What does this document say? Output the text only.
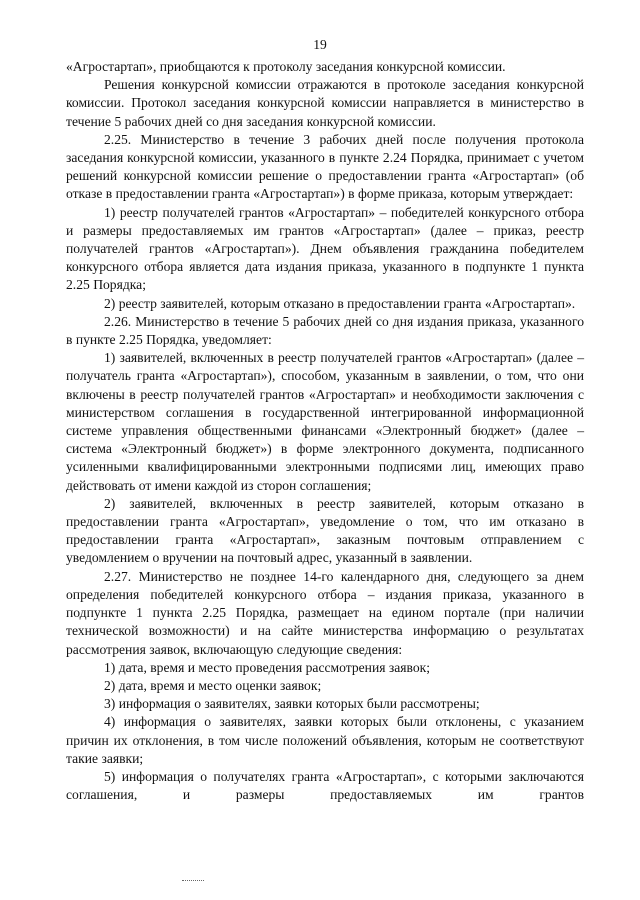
19

«Агростартап», приобщаются к протоколу заседания конкурсной комиссии.

Решения конкурсной комиссии отражаются в протоколе заседания конкурсной комиссии. Протокол заседания конкурсной комиссии направляется в министерство в течение 5 рабочих дней со дня заседания конкурсной комиссии.

2.25. Министерство в течение 3 рабочих дней после получения протокола заседания конкурсной комиссии, указанного в пункте 2.24 Порядка, принимает с учетом решений конкурсной комиссии решение о предоставлении гранта «Агростартап» (об отказе в предоставлении гранта «Агростартап») в форме приказа, которым утверждает:

1) реестр получателей грантов «Агростартап» – победителей конкурсного отбора и размеры предоставляемых им грантов «Агростартап» (далее – приказ, реестр получателей грантов «Агростартап»). Днем объявления гражданина победителем конкурсного отбора является дата издания приказа, указанного в подпункте 1 пункта 2.25 Порядка;

2) реестр заявителей, которым отказано в предоставлении гранта «Агростартап».

2.26. Министерство в течение 5 рабочих дней со дня издания приказа, указанного в пункте 2.25 Порядка, уведомляет:

1) заявителей, включенных в реестр получателей грантов «Агростартап» (далее – получатель гранта «Агростартап»), способом, указанным в заявлении, о том, что они включены в реестр получателей грантов «Агростартап» и необходимости заключения с министерством соглашения в государственной интегрированной информационной системе управления общественными финансами «Электронный бюджет» (далее – система «Электронный бюджет») в форме электронного документа, подписанного усиленными квалифицированными электронными подписями лиц, имеющих право действовать от имени каждой из сторон соглашения;

2) заявителей, включенных в реестр заявителей, которым отказано в предоставлении гранта «Агростартап», уведомление о том, что им отказано в предоставлении гранта «Агростартап», заказным почтовым отправлением с уведомлением о вручении на почтовый адрес, указанный в заявлении.

2.27. Министерство не позднее 14-го календарного дня, следующего за днем определения победителей конкурсного отбора – издания приказа, указанного в подпункте 1 пункта 2.25 Порядка, размещает на едином портале (при наличии технической возможности) и на сайте министерства информацию о результатах рассмотрения заявок, включающую следующие сведения:

1) дата, время и место проведения рассмотрения заявок;

2) дата, время и место оценки заявок;

3) информация о заявителях, заявки которых были рассмотрены;

4) информация о заявителях, заявки которых были отклонены, с указанием причин их отклонения, в том числе положений объявления, которым не соответствуют такие заявки;

5) информация о получателях гранта «Агростартап», с которыми заключаются соглашения, и размеры предоставляемых им грантов
